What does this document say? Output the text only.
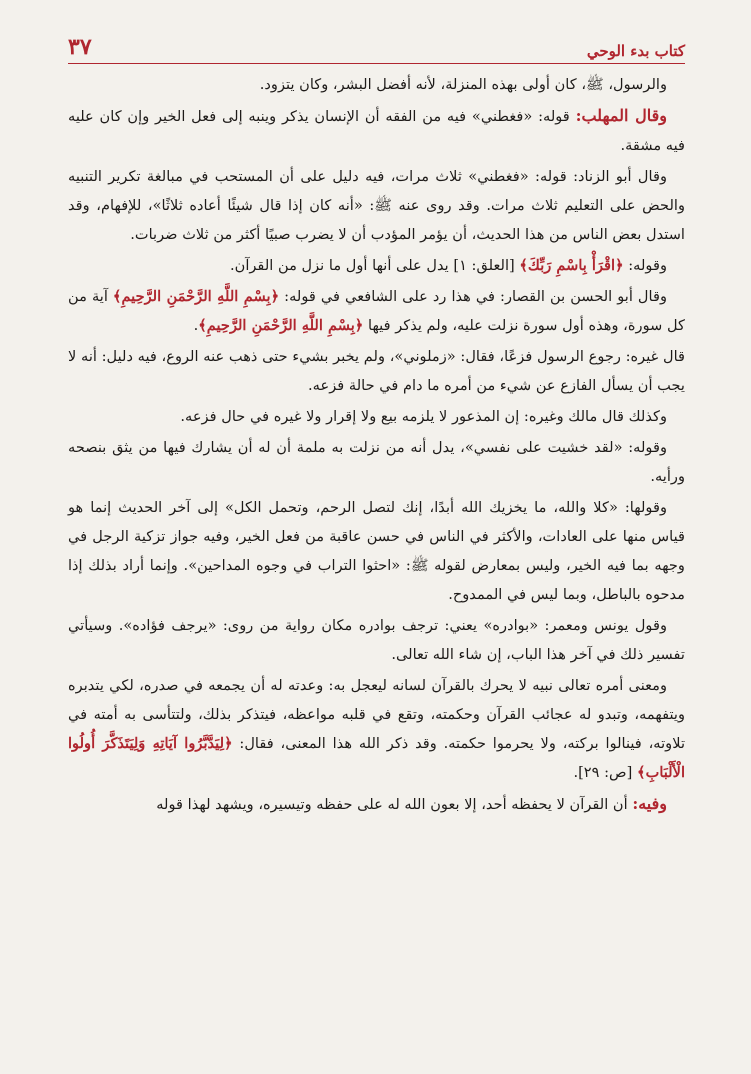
كتاب بدء الوحي
٣٧

والرسول، ﷺ، كان أولى بهذه المنزلة، لأنه أفضل البشر، وكان يتزود.

وقال المهلب: قوله: «فغطني» فيه من الفقه أن الإنسان يذكر وينبه إلى فعل الخير وإن كان عليه فيه مشقة.

وقال أبو الزناد: قوله: «فغطني» ثلاث مرات، فيه دليل على أن المستحب في مبالغة تكرير التنبيه والحض على التعليم ثلاث مرات. وقد روى عنه ﷺ: «أنه كان إذا قال شيئًا أعاده ثلاثًا»، للإفهام، وقد استدل بعض الناس من هذا الحديث، أن يؤمر المؤدب أن لا يضرب صبيًا أكثر من ثلاث ضربات.

وقوله: ﴿اقْرَأْ بِاسْمِ رَبِّكَ﴾ [العلق: ١] يدل على أنها أول ما نزل من القرآن.

وقال أبو الحسن بن القصار: في هذا رد على الشافعي في قوله: ﴿بِسْمِ اللَّهِ الرَّحْمَنِ الرَّحِيمِ﴾ آية من كل سورة، وهذه أول سورة نزلت عليه، ولم يذكر فيها ﴿بِسْمِ اللَّهِ الرَّحْمَنِ الرَّحِيمِ﴾.

قال غيره: رجوع الرسول فزعًا، فقال: «زملوني»، ولم يخبر بشيء حتى ذهب عنه الروع، فيه دليل: أنه لا يجب أن يسأل الفازع عن شيء من أمره ما دام في حالة فزعه.

وكذلك قال مالك وغيره: إن المذعور لا يلزمه بيع ولا إقرار ولا غيره في حال فزعه.

وقوله: «لقد خشيت على نفسي»، يدل أنه من نزلت به ملمة أن له أن يشارك فيها من يثق بنصحه ورأيه.

وقولها: «كلا والله، ما يخزيك الله أبدًا، إنك لتصل الرحم، وتحمل الكل» إلى آخر الحديث إنما هو قياس منها على العادات، والأكثر في الناس في حسن عاقبة من فعل الخير، وفيه جواز تزكية الرجل في وجهه بما فيه الخير، وليس بمعارض لقوله ﷺ: «احثوا التراب في وجوه المداحين». وإنما أراد بذلك إذا مدحوه بالباطل، وبما ليس في الممدوح.

وقول يونس ومعمر: «بوادره» يعني: ترجف بوادره مكان رواية من روى: «يرجف فؤاده». وسيأتي تفسير ذلك في آخر هذا الباب، إن شاء الله تعالى.

ومعنى أمره تعالى نبيه لا يحرك بالقرآن لسانه ليعجل به: وعدته له أن يجمعه في صدره، لكي يتدبره ويتفهمه، وتبدو له عجائب القرآن وحكمته، وتقع في قلبه مواعظه، فيتذكر بذلك، ولتتأسى به أمته في تلاوته، فينالوا بركته، ولا يحرموا حكمته. وقد ذكر الله هذا المعنى، فقال: ﴿لِيَدَّبَّرُوا آيَاتِهِ وَلِيَتَذَكَّرَ أُولُوا الْأَلْبَابِ﴾ [ص: ٢٩].

وفيه: أن القرآن لا يحفظه أحد، إلا بعون الله له على حفظه وتيسيره، ويشهد لهذا قوله
